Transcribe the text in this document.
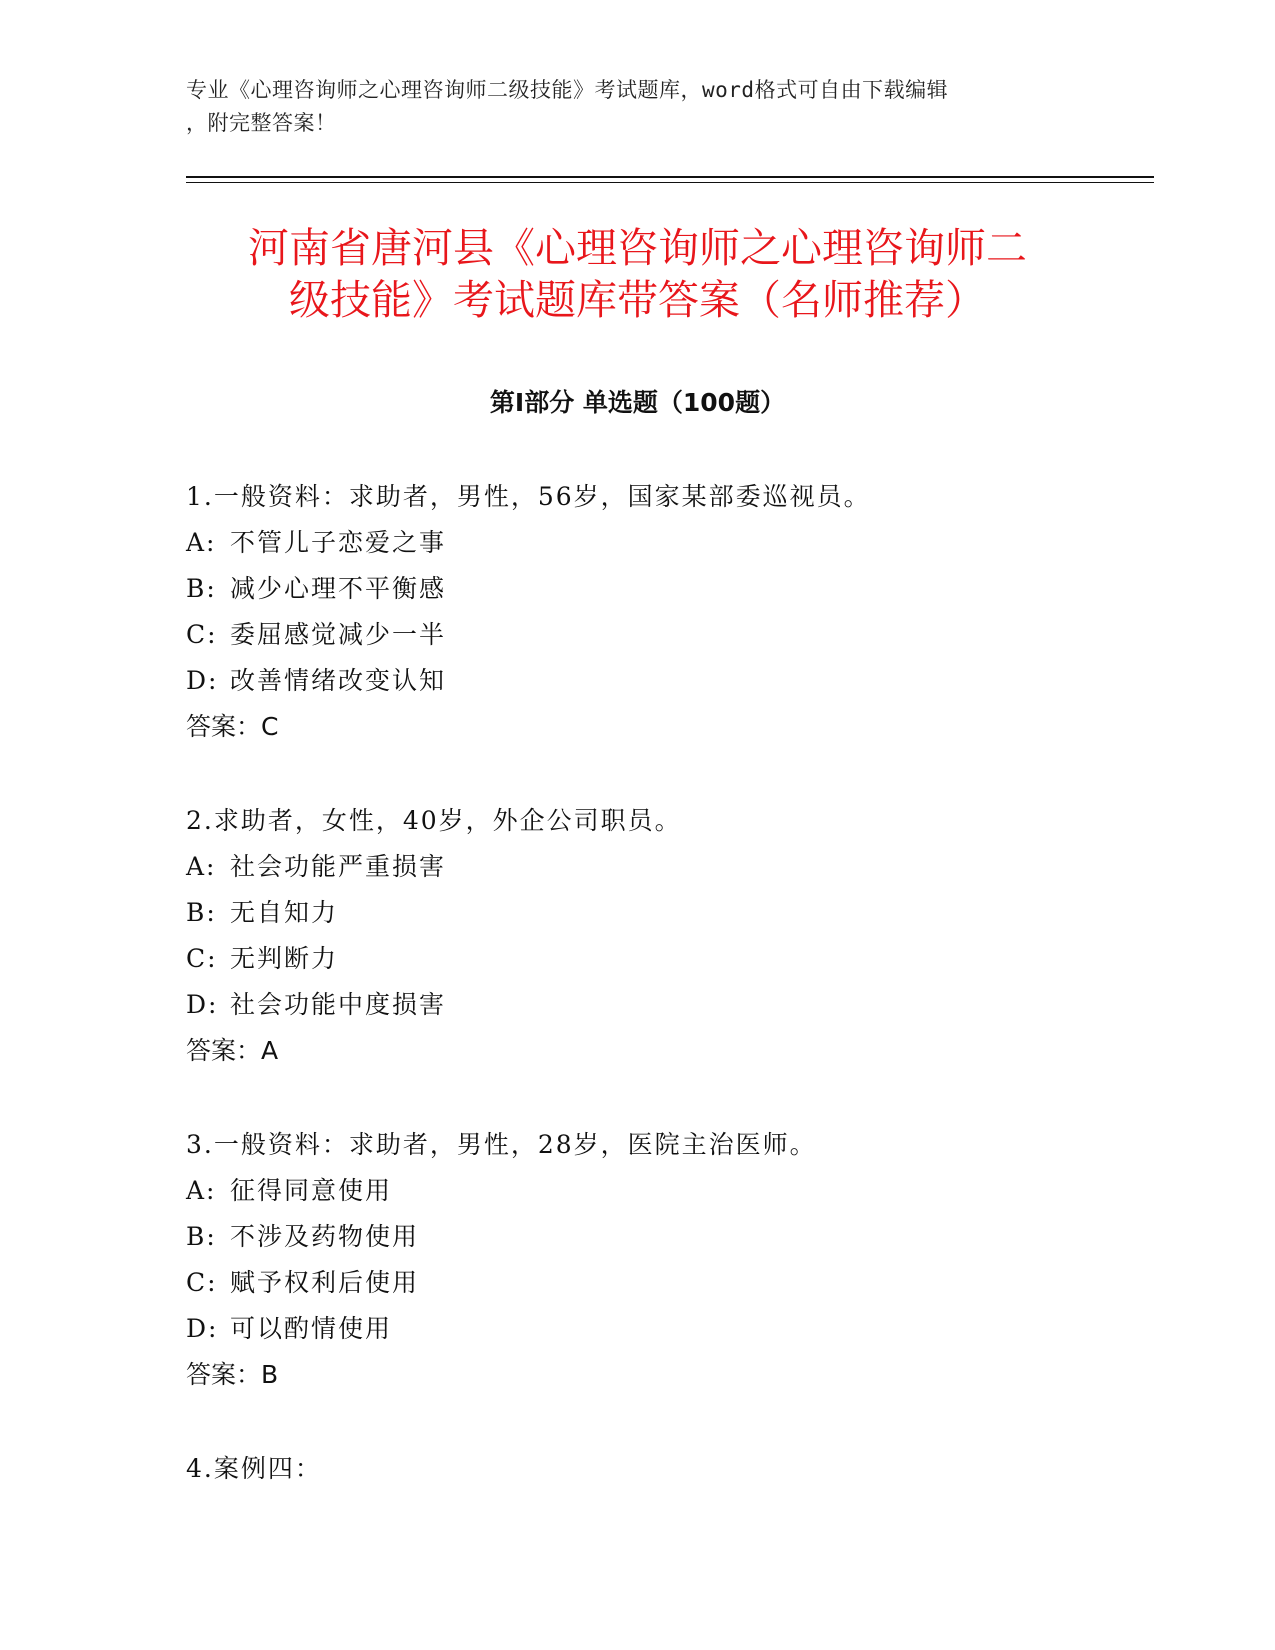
专业《心理咨询师之心理咨询师二级技能》考试题库，word格式可自由下载编辑
，附完整答案！
河南省唐河县《心理咨询师之心理咨询师二
级技能》考试题库带答案（名师推荐）
第Ⅰ部分 单选题（100题）
1.一般资料：求助者，男性，56岁，国家某部委巡视员。
A: 不管儿子恋爱之事
B: 减少心理不平衡感
C: 委屈感觉减少一半
D: 改善情绪改变认知
答案：C
2.求助者，女性，40岁，外企公司职员。
A: 社会功能严重损害
B: 无自知力
C: 无判断力
D: 社会功能中度损害
答案：A
3.一般资料：求助者，男性，28岁，医院主治医师。
A: 征得同意使用
B: 不涉及药物使用
C: 赋予权利后使用
D: 可以酌情使用
答案：B
4.案例四：
